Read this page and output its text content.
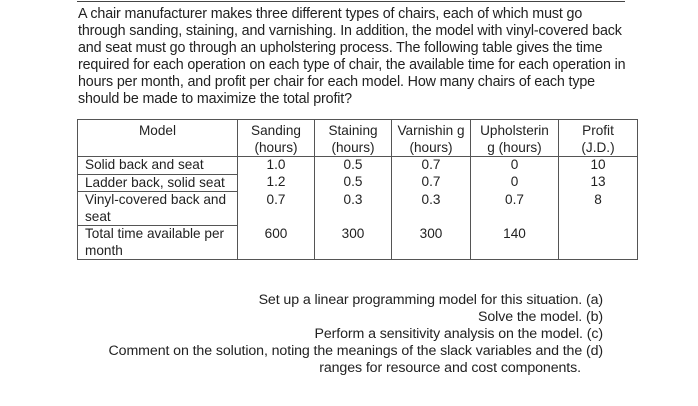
A chair manufacturer makes three different types of chairs, each of which must go through sanding, staining, and varnishing. In addition, the model with vinyl-covered back and seat must go through an upholstering process. The following table gives the time required for each operation on each type of chair, the available time for each operation in hours per month, and profit per chair for each model. How many chairs of each type should be made to maximize the total profit?
Model	Sanding (hours)	Staining (hours)	Varnishin g (hours)	Upholsterin g (hours)	Profit (J.D.)
Solid back and seat	1.0	0.5	0.7	0	10
Ladder back, solid seat	1.2	0.5	0.7	0	13
Vinyl-covered back and seat	0.7	0.3	0.3	0.7	8
Total time available per month	600	300	300	140	
Set up a linear programming model for this situation. (a)
Solve the model. (b)
Perform a sensitivity analysis on the model. (c)
Comment on the solution, noting the meanings of the slack variables and the (d)
ranges for resource and cost components.
